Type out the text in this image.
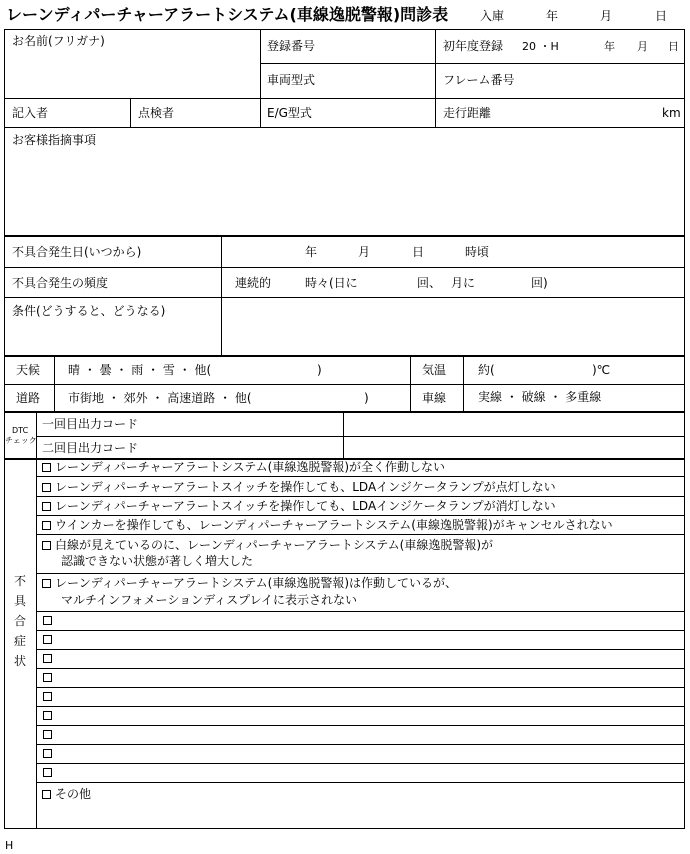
レーンディパーチャーアラートシステム(車線逸脱警報)問診表	入庫	年	月	日
お名前(フリガナ)	登録番号	初年度登録 20 ・H	年 月 日
車両型式	フレーム番号
記入者	点検者	E/G型式	走行距離	km
お客様指摘事項
不具合発生日(いつから)	年	月	日	時頃
不具合発生の頻度	連続的	時々(日に	回、 月に	回)
条件(どうすると、どうなる)
天候 晴 ・ 曇 ・ 雨 ・ 雪 ・ 他(	)	気温	約(	)℃
道路 市街地 ・ 郊外 ・ 高速道路 ・ 他(	)	車線	実線 ・ 破線 ・ 多重線
DTC
チェック
一回目出力コード
二回目出力コード
不
具
合
症
状
レーンディパーチャーアラートシステム(車線逸脱警報)が全く作動しない
レーンディパーチャーアラートスイッチを操作しても、LDAインジケータランプが点灯しない
レーンディパーチャーアラートスイッチを操作しても、LDAインジケータランプが消灯しない
ウインカーを操作しても、レーンディパーチャーアラートシステム(車線逸脱警報)がキャンセルされない
白線が見えているのに、レーンディパーチャーアラートシステム(車線逸脱警報)が
認識できない状態が著しく増大した
レーンディパーチャーアラートシステム(車線逸脱警報)は作動しているが、
マルチインフォメーションディスプレイに表示されない
その他
H
